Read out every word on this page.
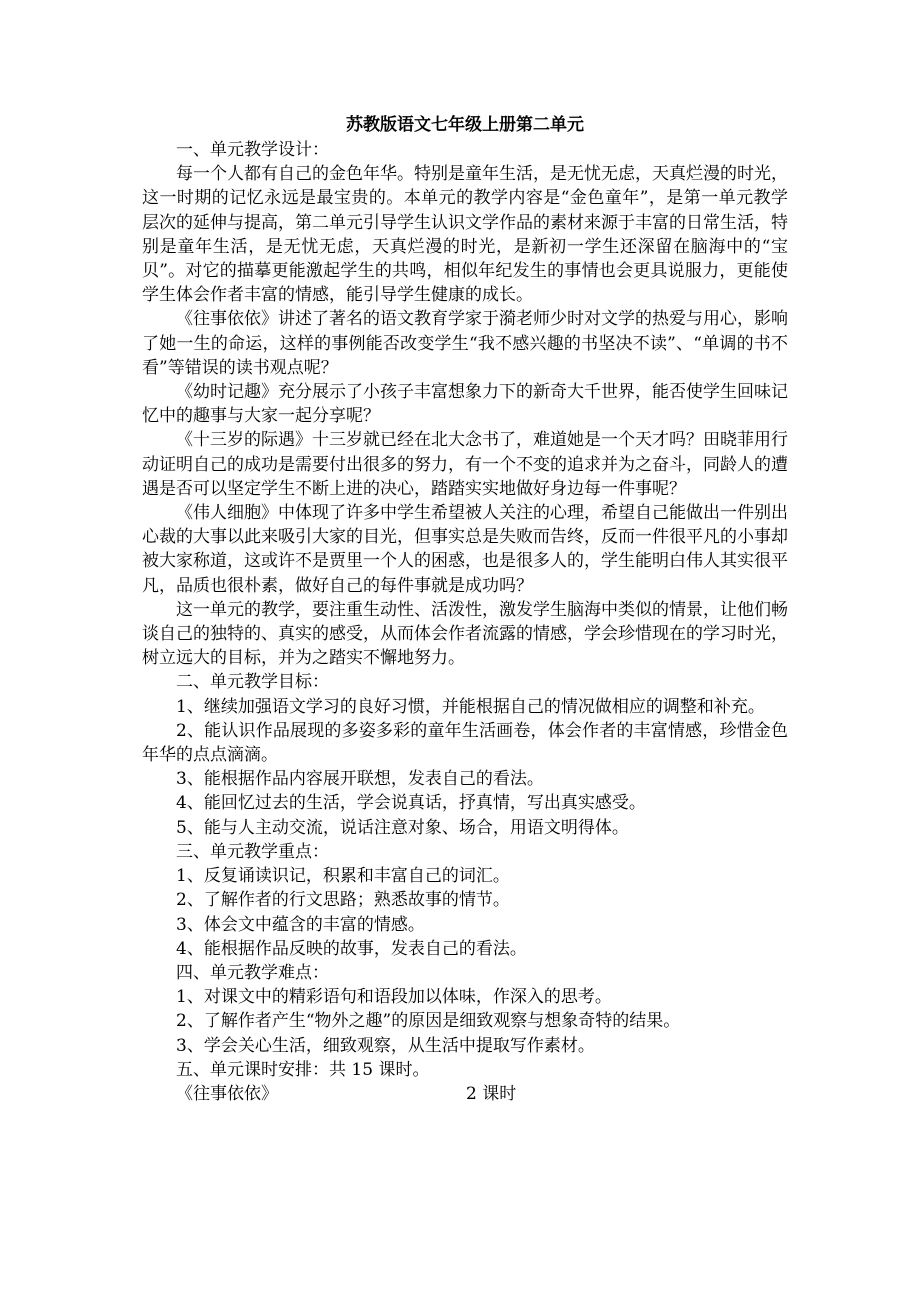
苏教版语文七年级上册第二单元
一、单元教学设计：

每一个人都有自己的金色年华。特别是童年生活，是无忧无虑，天真烂漫的时光，这一时期的记忆永远是最宝贵的。本单元的教学内容是“金色童年”，是第一单元教学层次的延伸与提高，第二单元引导学生认识文学作品的素材来源于丰富的日常生活，特别是童年生活，是无忧无虑，天真烂漫的时光，是新初一学生还深留在脑海中的“宝贝”。对它的描摹更能激起学生的共鸣，相似年纪发生的事情也会更具说服力，更能使学生体会作者丰富的情感，能引导学生健康的成长。

《往事依依》讲述了著名的语文教育学家于漪老师少时对文学的热爱与用心，影响了她一生的命运，这样的事例能否改变学生“我不感兴趣的书坚决不读”、“单调的书不看”等错误的读书观点呢？

《幼时记趣》充分展示了小孩子丰富想象力下的新奇大千世界，能否使学生回味记忆中的趣事与大家一起分享呢？

《十三岁的际遇》十三岁就已经在北大念书了，难道她是一个天才吗？田晓菲用行动证明自己的成功是需要付出很多的努力，有一个不变的追求并为之奋斗，同龄人的遭遇是否可以坚定学生不断上进的决心，踏踏实实地做好身边每一件事呢？

《伟人细胞》中体现了许多中学生希望被人关注的心理，希望自己能做出一件别出心裁的大事以此来吸引大家的目光，但事实总是失败而告终，反而一件很平凡的小事却被大家称道，这或许不是贾里一个人的困惑，也是很多人的，学生能明白伟人其实很平凡，品质也很朴素，做好自己的每件事就是成功吗？

这一单元的教学，要注重生动性、活泼性，激发学生脑海中类似的情景，让他们畅谈自己的独特的、真实的感受，从而体会作者流露的情感，学会珍惜现在的学习时光，树立远大的目标，并为之踏实不懈地努力。

二、单元教学目标：

1、继续加强语文学习的良好习惯，并能根据自己的情况做相应的调整和补充。

2、能认识作品展现的多姿多彩的童年生活画卷，体会作者的丰富情感，珍惜金色年华的点点滴滴。

3、能根据作品内容展开联想，发表自己的看法。

4、能回忆过去的生活，学会说真话，抒真情，写出真实感受。

5、能与人主动交流，说话注意对象、场合，用语文明得体。

三、单元教学重点：

1、反复诵读识记，积累和丰富自己的词汇。

2、了解作者的行文思路；熟悉故事的情节。

3、体会文中蕴含的丰富的情感。

4、能根据作品反映的故事，发表自己的看法。

四、单元教学难点：

1、对课文中的精彩语句和语段加以体味，作深入的思考。

2、了解作者产生“物外之趣”的原因是细致观察与想象奇特的结果。

3、学会关心生活，细致观察，从生活中提取写作素材。

五、单元课时安排：共 15 课时。
《往事依依》	2 课时
